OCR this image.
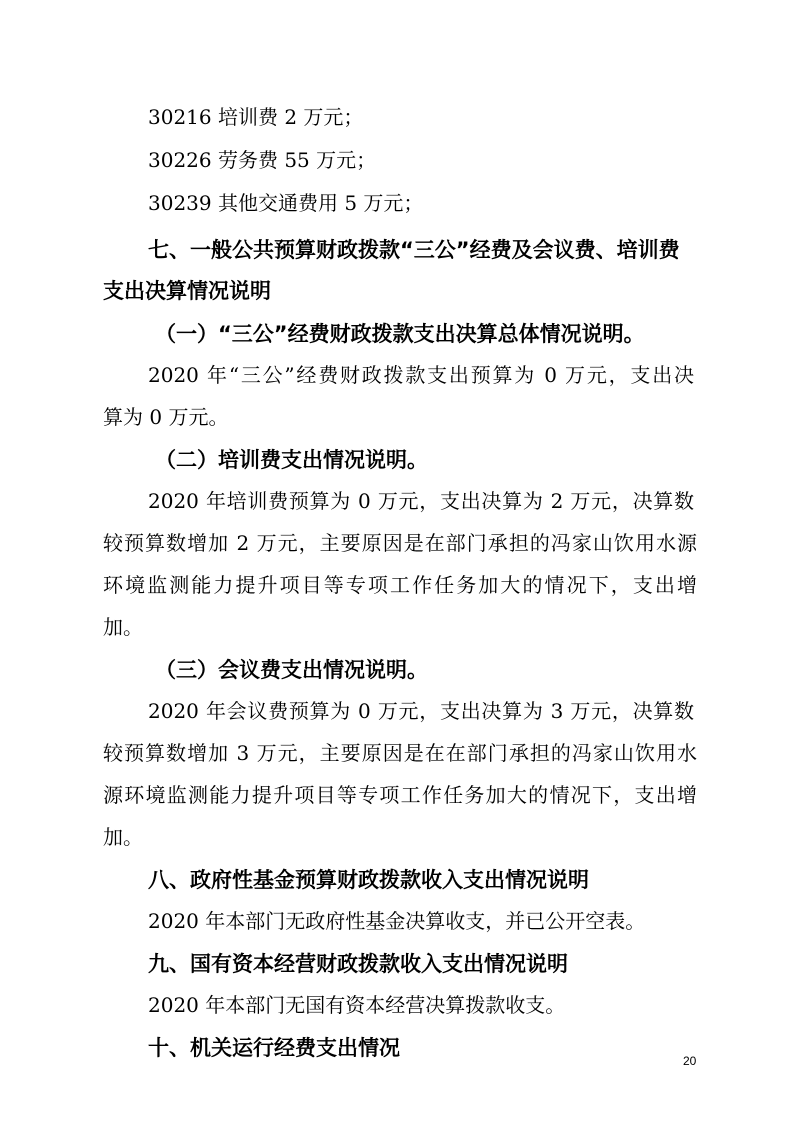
30216 培训费 2 万元；
30226 劳务费 55 万元；
30239 其他交通费用 5 万元；
七、一般公共预算财政拨款“三公”经费及会议费、培训费
支出决算情况说明
（一）“三公”经费财政拨款支出决算总体情况说明。
2020 年“三公”经费财政拨款支出预算为 0 万元，支出决
算为 0 万元。
（二）培训费支出情况说明。
2020 年培训费预算为 0 万元，支出决算为 2 万元，决算数
较预算数增加 2 万元，主要原因是在部门承担的冯家山饮用水源
环境监测能力提升项目等专项工作任务加大的情况下，支出增
加。
（三）会议费支出情况说明。
2020 年会议费预算为 0 万元，支出决算为 3 万元，决算数
较预算数增加 3 万元，主要原因是在在部门承担的冯家山饮用水
源环境监测能力提升项目等专项工作任务加大的情况下，支出增
加。
八、政府性基金预算财政拨款收入支出情况说明
2020 年本部门无政府性基金决算收支，并已公开空表。
九、国有资本经营财政拨款收入支出情况说明
2020 年本部门无国有资本经营决算拨款收支。
十、机关运行经费支出情况
20
